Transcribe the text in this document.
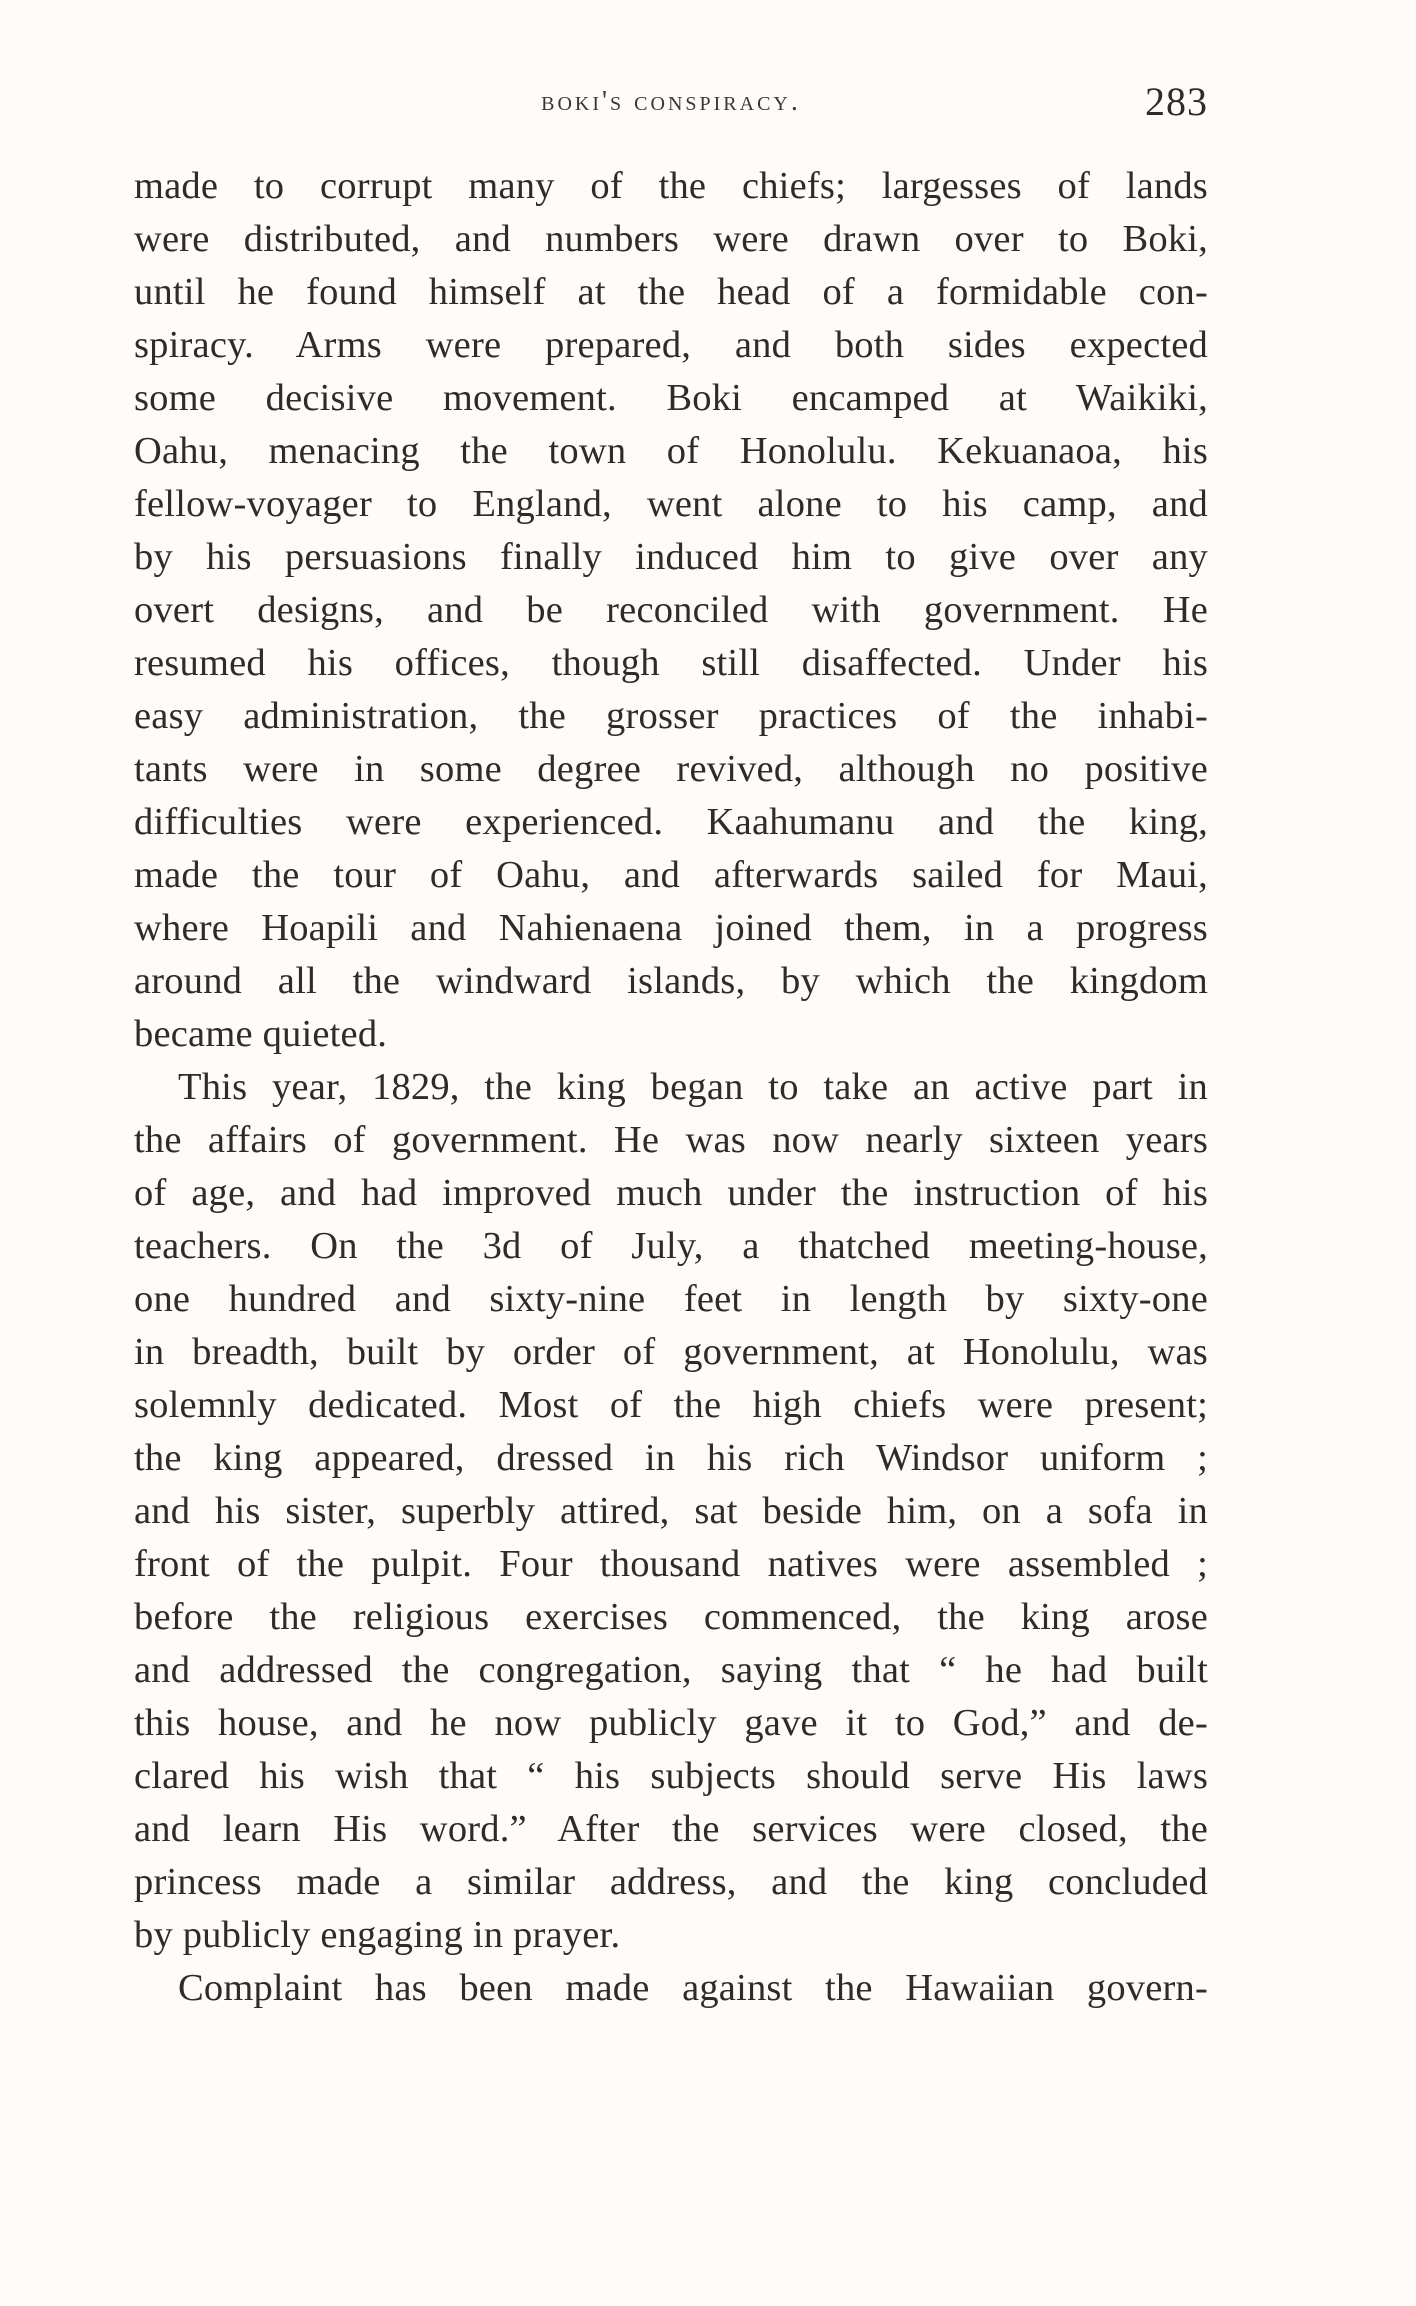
boki's conspiracy.	283
made to corrupt many of the chiefs; largesses of lands
were distributed, and numbers were drawn over to Boki,
until he found himself at the head of a formidable con-
spiracy. Arms were prepared, and both sides expected
some decisive movement. Boki encamped at Waikiki,
Oahu, menacing the town of Honolulu. Kekuanaoa, his
fellow-voyager to England, went alone to his camp, and
by his persuasions finally induced him to give over any
overt designs, and be reconciled with government. He
resumed his offices, though still disaffected. Under his
easy administration, the grosser practices of the inhabi-
tants were in some degree revived, although no positive
difficulties were experienced. Kaahumanu and the king,
made the tour of Oahu, and afterwards sailed for Maui,
where Hoapili and Nahienaena joined them, in a progress
around all the windward islands, by which the kingdom
became quieted.
This year, 1829, the king began to take an active part in
the affairs of government. He was now nearly sixteen years
of age, and had improved much under the instruction of his
teachers. On the 3d of July, a thatched meeting-house,
one hundred and sixty-nine feet in length by sixty-one
in breadth, built by order of government, at Honolulu, was
solemnly dedicated. Most of the high chiefs were present;
the king appeared, dressed in his rich Windsor uniform ;
and his sister, superbly attired, sat beside him, on a sofa in
front of the pulpit. Four thousand natives were assembled ;
before the religious exercises commenced, the king arose
and addressed the congregation, saying that “ he had built
this house, and he now publicly gave it to God,” and de-
clared his wish that “ his subjects should serve His laws
and learn His word.” After the services were closed, the
princess made a similar address, and the king concluded
by publicly engaging in prayer.
Complaint has been made against the Hawaiian govern-
